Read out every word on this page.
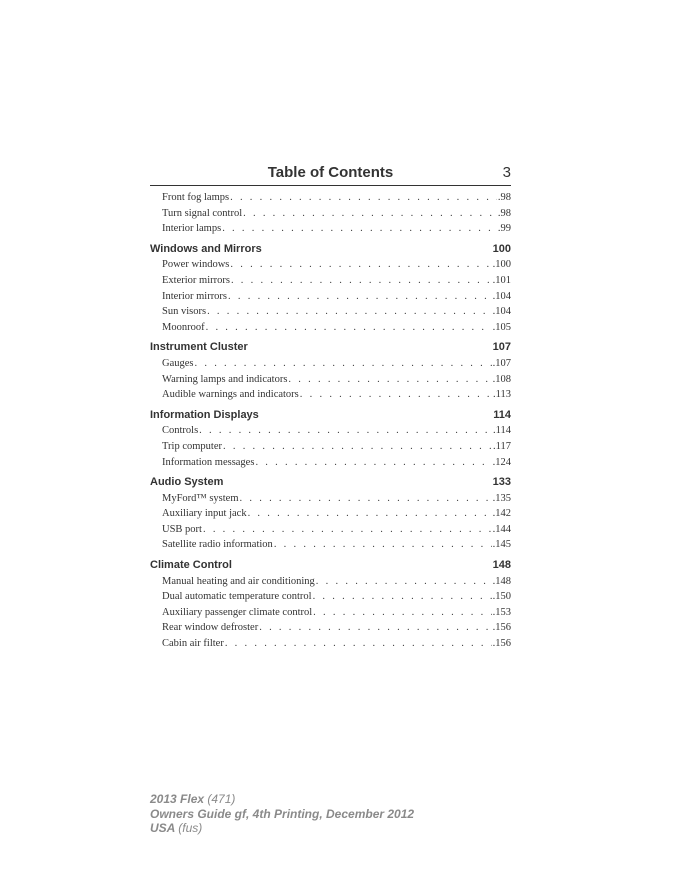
Table of Contents	3
Front fog lamps . . .	.98
Turn signal control . . .	.98
Interior lamps . . .	.99
Windows and Mirrors	100
Power windows . . .	.100
Exterior mirrors . . .	.101
Interior mirrors . . .	.104
Sun visors . . .	.104
Moonroof . . .	.105
Instrument Cluster	107
Gauges . . .	.107
Warning lamps and indicators . . .	.108
Audible warnings and indicators . . .	.113
Information Displays	114
Controls . . .	.114
Trip computer . . .	.117
Information messages . . .	.124
Audio System	133
MyFord™ system . . .	.135
Auxiliary input jack . . .	.142
USB port . . .	.144
Satellite radio information . . .	.145
Climate Control	148
Manual heating and air conditioning . . .	.148
Dual automatic temperature control . . .	.150
Auxiliary passenger climate control . . .	.153
Rear window defroster . . .	.156
Cabin air filter . . .	.156
2013 Flex (471)
Owners Guide gf, 4th Printing, December 2012
USA (fus)
